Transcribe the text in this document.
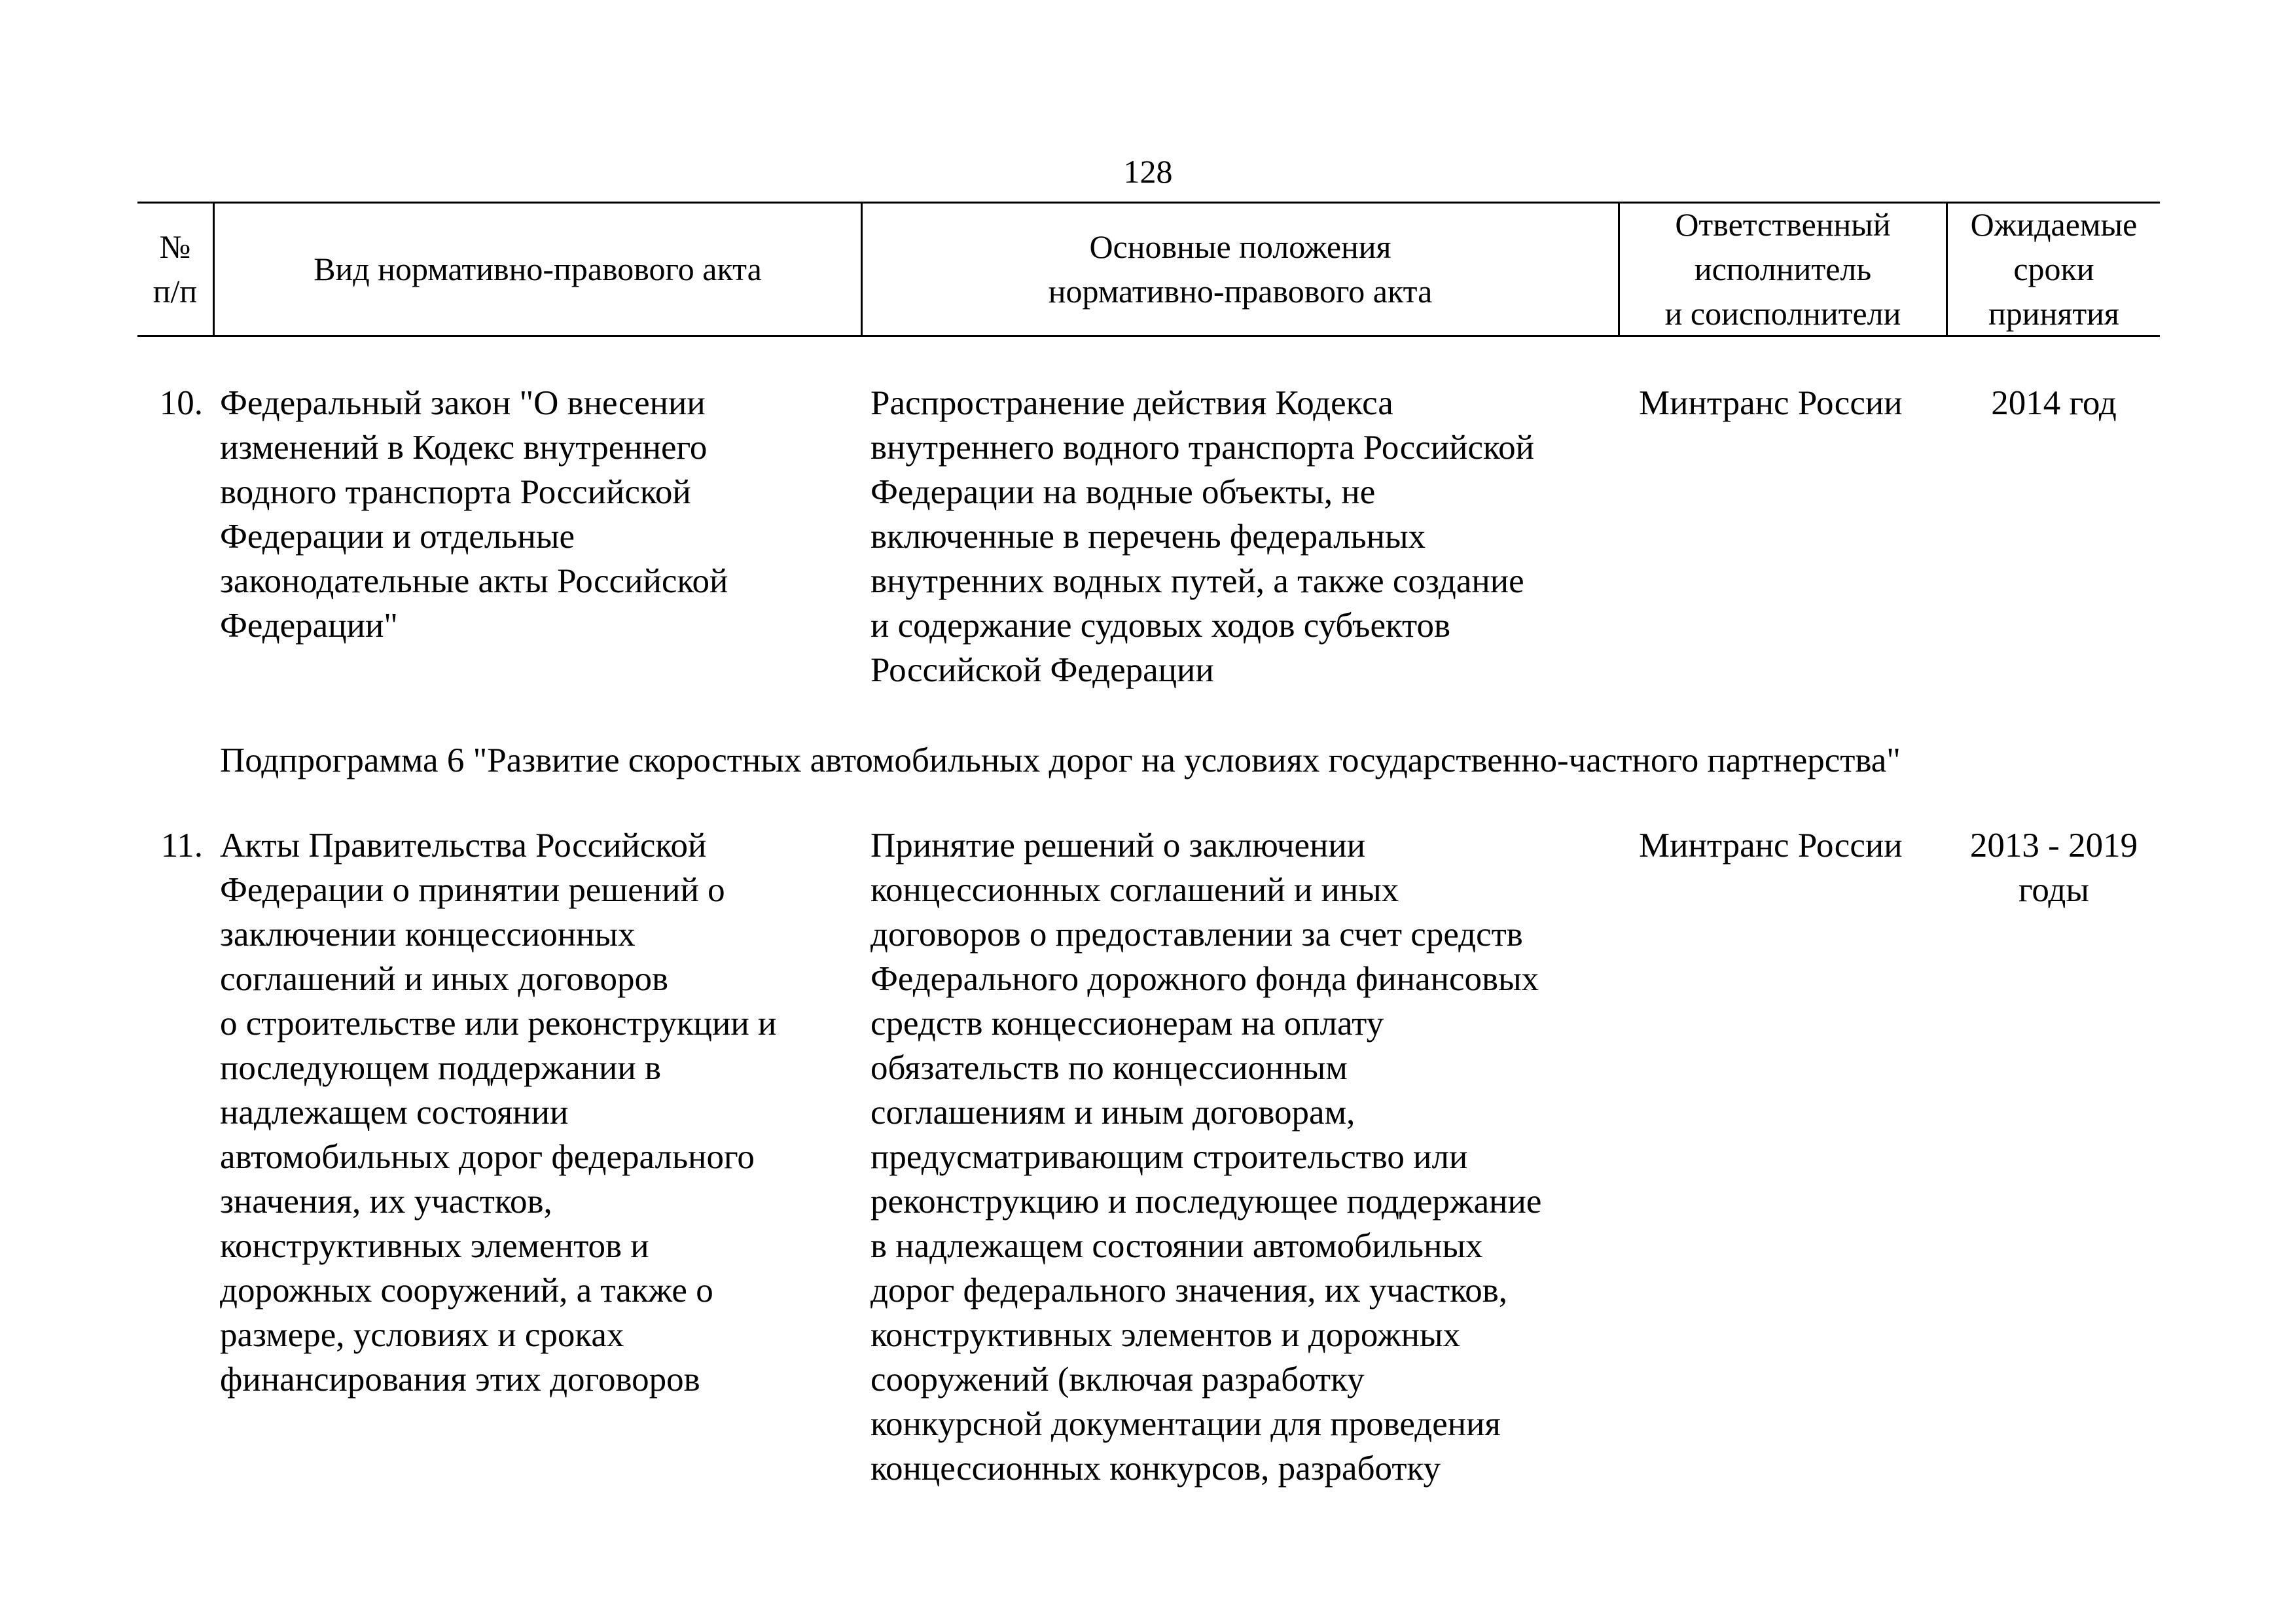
128
№
п/п
Вид нормативно-правового акта
Основные положения
нормативно-правового акта
Ответственный
исполнитель
и соисполнители
Ожидаемые
сроки
принятия
10. Федеральный закон "О внесении
изменений в Кодекс внутреннего
водного транспорта Российской
Федерации и отдельные
законодательные акты Российской
Федерации"
Распространение действия Кодекса
внутреннего водного транспорта Российской
Федерации на водные объекты, не
включенные в перечень федеральных
внутренних водных путей, а также создание
и содержание судовых ходов субъектов
Российской Федерации
Минтранс России	2014 год
Подпрограмма 6 "Развитие скоростных автомобильных дорог на условиях государственно-частного партнерства"
11. Акты Правительства Российской
Федерации о принятии решений о
заключении концессионных
соглашений и иных договоров
о строительстве или реконструкции и
последующем поддержании в
надлежащем состоянии
автомобильных дорог федерального
значения, их участков,
конструктивных элементов и
дорожных сооружений, а также о
размере, условиях и сроках
финансирования этих договоров
Принятие решений о заключении
концессионных соглашений и иных
договоров о предоставлении за счет средств
Федерального дорожного фонда финансовых
средств концессионерам на оплату
обязательств по концессионным
соглашениям и иным договорам,
предусматривающим строительство или
реконструкцию и последующее поддержание
в надлежащем состоянии автомобильных
дорог федерального значения, их участков,
конструктивных элементов и дорожных
сооружений (включая разработку
конкурсной документации для проведения
концессионных конкурсов, разработку
Минтранс России	2013 - 2019
годы
